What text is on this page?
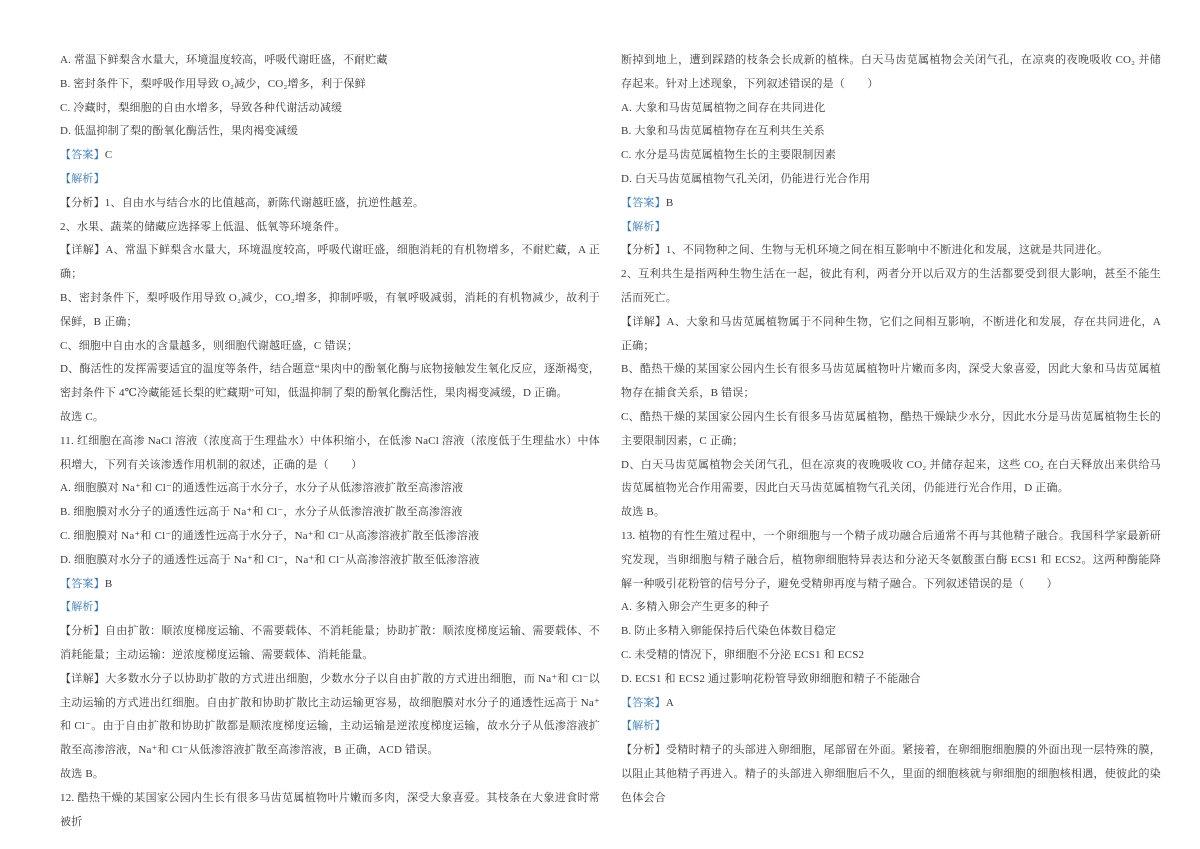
A. 常温下鲜梨含水量大，环境温度较高，呼吸代谢旺盛，不耐贮藏
B. 密封条件下，梨呼吸作用导致 O₂减少，CO₂增多，利于保鲜
C. 冷藏时，梨细胞的自由水增多，导致各种代谢活动减缓
D. 低温抑制了梨的酚氧化酶活性，果肉褐变减缓
【答案】C
【解析】
【分析】1、自由水与结合水的比值越高，新陈代谢越旺盛，抗逆性越差。
2、水果、蔬菜的储藏应选择零上低温、低氧等环境条件。
【详解】A、常温下鲜梨含水量大，环境温度较高，呼吸代谢旺盛，细胞消耗的有机物增多，不耐贮藏，A 正确；
B、密封条件下，梨呼吸作用导致 O₂减少，CO₂增多，抑制呼吸，有氧呼吸减弱，消耗的有机物减少，故利于保鲜，B 正确；
C、细胞中自由水的含量越多，则细胞代谢越旺盛，C 错误；
D、酶活性的发挥需要适宜的温度等条件，结合题意“果肉中的酚氧化酶与底物接触发生氧化反应，逐渐褐变，密封条件下 4℃冷藏能延长梨的贮藏期”可知，低温抑制了梨的酚氧化酶活性，果肉褐变减缓，D 正确。
故选 C。
11. 红细胞在高渗 NaCl 溶液（浓度高于生理盐水）中体积缩小，在低渗 NaCl 溶液（浓度低于生理盐水）中体积增大，下列有关该渗透作用机制的叙述，正确的是（　　）
A. 细胞膜对 Na⁺和 Cl⁻的通透性远高于水分子，水分子从低渗溶液扩散至高渗溶液
B. 细胞膜对水分子的通透性远高于 Na⁺和 Cl⁻，水分子从低渗溶液扩散至高渗溶液
C. 细胞膜对 Na⁺和 Cl⁻的通透性远高于水分子，Na⁺和 Cl⁻从高渗溶液扩散至低渗溶液
D. 细胞膜对水分子的通透性远高于 Na⁺和 Cl⁻，Na⁺和 Cl⁻从高渗溶液扩散至低渗溶液
【答案】B
【解析】
【分析】自由扩散：顺浓度梯度运输、不需要载体、不消耗能量；协助扩散：顺浓度梯度运输、需要载体、不消耗能量；主动运输：逆浓度梯度运输、需要载体、消耗能量。
【详解】大多数水分子以协助扩散的方式进出细胞，少数水分子以自由扩散的方式进出细胞，而 Na⁺和 Cl⁻以主动运输的方式进出红细胞。自由扩散和协助扩散比主动运输更容易，故细胞膜对水分子的通透性远高于 Na⁺和 Cl⁻。由于自由扩散和协助扩散都是顺浓度梯度运输，主动运输是逆浓度梯度运输，故水分子从低渗溶液扩散至高渗溶液，Na⁺和 Cl⁻从低渗溶液扩散至高渗溶液，B 正确，ACD 错误。
故选 B。
12. 酷热干燥的某国家公园内生长有很多马齿苋属植物叶片嫩而多肉，深受大象喜爱。其枝条在大象进食时常被折
断掉到地上，遭到踩踏的枝条会长成新的植株。白天马齿苋属植物会关闭气孔，在凉爽的夜晚吸收 CO₂ 并储存起来。针对上述现象，下列叙述错误的是（　　）
A. 大象和马齿苋属植物之间存在共同进化
B. 大象和马齿苋属植物存在互利共生关系
C. 水分是马齿苋属植物生长的主要限制因素
D. 白天马齿苋属植物气孔关闭，仍能进行光合作用
【答案】B
【解析】
【分析】1、不同物种之间、生物与无机环境之间在相互影响中不断进化和发展，这就是共同进化。
2、互利共生是指两种生物生活在一起，彼此有利，两者分开以后双方的生活都要受到很大影响，甚至不能生活而死亡。
【详解】A、大象和马齿苋属植物属于不同种生物，它们之间相互影响，不断进化和发展，存在共同进化，A 正确；
B、酷热干燥的某国家公园内生长有很多马齿苋属植物叶片嫩而多肉，深受大象喜爱，因此大象和马齿苋属植物存在捕食关系，B 错误；
C、酷热干燥的某国家公园内生长有很多马齿苋属植物，酷热干燥缺少水分，因此水分是马齿苋属植物生长的主要限制因素，C 正确；
D、白天马齿苋属植物会关闭气孔，但在凉爽的夜晚吸收 CO₂ 并储存起来，这些 CO₂ 在白天释放出来供给马齿苋属植物光合作用需要，因此白天马齿苋属植物气孔关闭，仍能进行光合作用，D 正确。
故选 B。
13. 植物的有性生殖过程中，一个卵细胞与一个精子成功融合后通常不再与其他精子融合。我国科学家最新研究发现，当卵细胞与精子融合后，植物卵细胞特异表达和分泌天冬氨酸蛋白酶 ECS1 和 ECS2。这两种酶能降解一种吸引花粉管的信号分子，避免受精卵再度与精子融合。下列叙述错误的是（　　）
A. 多精入卵会产生更多的种子
B. 防止多精入卵能保持后代染色体数目稳定
C. 未受精的情况下，卵细胞不分泌 ECS1 和 ECS2
D. ECS1 和 ECS2 通过影响花粉管导致卵细胞和精子不能融合
【答案】A
【解析】
【分析】受精时精子的头部进入卵细胞，尾部留在外面。紧接着，在卵细胞细胞膜的外面出现一层特殊的膜，以阻止其他精子再进入。精子的头部进入卵细胞后不久，里面的细胞核就与卵细胞的细胞核相遇，使彼此的染色体会合
